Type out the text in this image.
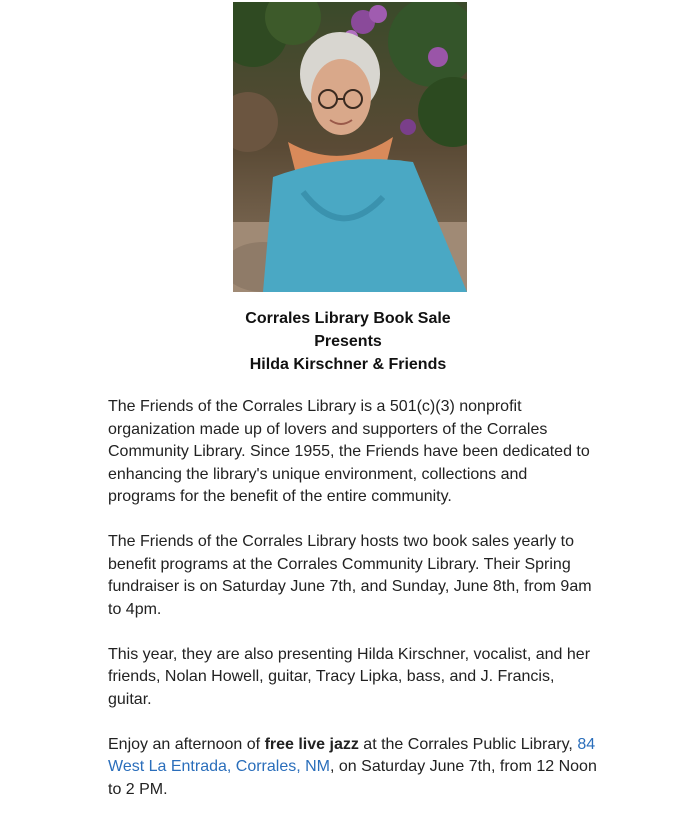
Corrales Library Book Sale
Presents
Hilda Kirschner & Friends

The Friends of the Corrales Library is a 501(c)(3) nonprofit organization made up of lovers and supporters of the Corrales Community Library. Since 1955, the Friends have been dedicated to enhancing the library's unique environment, collections and programs for the benefit of the entire community.

The Friends of the Corrales Library hosts two book sales yearly to benefit programs at the Corrales Community Library. Their Spring fundraiser is on Saturday June 7th, and Sunday, June 8th, from 9am to 4pm.

This year, they are also presenting Hilda Kirschner, vocalist, and her friends, Nolan Howell, guitar, Tracy Lipka, bass, and J. Francis, guitar.

Enjoy an afternoon of free live jazz at the Corrales Public Library, 84 West La Entrada, Corrales, NM, on Saturday June 7th, from 12 Noon to 2 PM.
